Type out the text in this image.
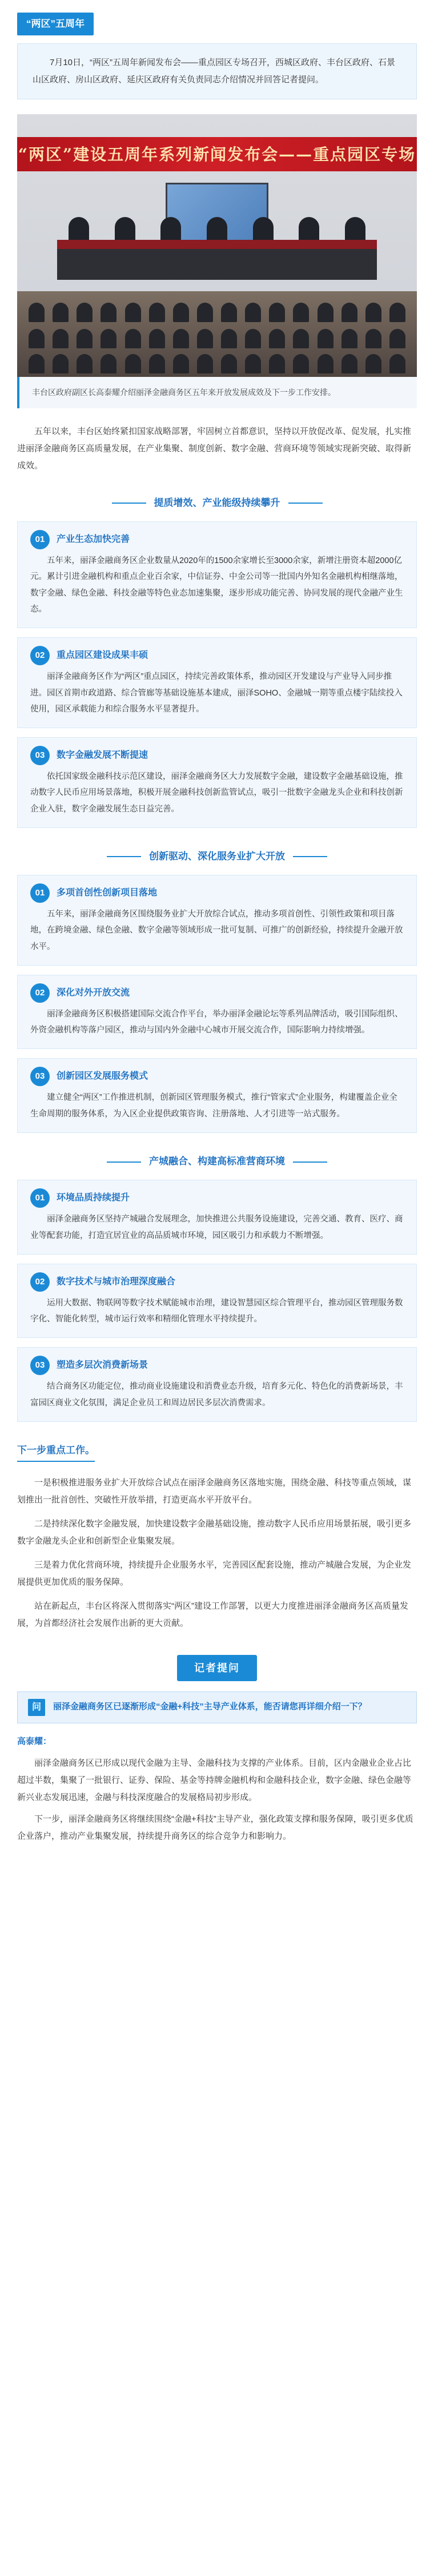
“两区”五周年
7月10日，“两区”五周年新闻发布会——重点园区专场召开，西城区政府、丰台区政府、石景山区政府、房山区政府、延庆区政府有关负责同志介绍情况并回答记者提问。
“两区”建设五周年系列新闻发布会——重点园区专场
丰台区政府副区长高泰耀介绍丽泽金融商务区五年来开放发展成效及下一步工作安排。

五年以来，丰台区始终紧扣国家战略部署，牢固树立首都意识，坚持以开放促改革、促发展，扎实推进丽泽金融商务区高质量发展，在产业集聚、制度创新、数字金融、营商环境等领域实现新突破、取得新成效。

提质增效、产业能级持续攀升
01	产业生态加快完善

五年来，丽泽金融商务区企业数量从2020年的1500余家增长至3000余家，新增注册资本超2000亿元。累计引进金融机构和重点企业百余家，中信证券、中金公司等一批国内外知名金融机构相继落地，数字金融、绿色金融、科技金融等特色业态加速集聚，逐步形成功能完善、协同发展的现代金融产业生态。

02	重点园区建设成果丰硕

丽泽金融商务区作为“两区”重点园区，持续完善政策体系，推动园区开发建设与产业导入同步推进。园区首期市政道路、综合管廊等基础设施基本建成，丽泽SOHO、金融城一期等重点楼宇陆续投入使用，园区承载能力和综合服务水平显著提升。

03	数字金融发展不断提速

依托国家级金融科技示范区建设，丽泽金融商务区大力发展数字金融，建设数字金融基础设施，推动数字人民币应用场景落地，积极开展金融科技创新监管试点，吸引一批数字金融龙头企业和科技创新企业入驻，数字金融发展生态日益完善。

创新驱动、深化服务业扩大开放
01	多项首创性创新项目落地

五年来，丽泽金融商务区围绕服务业扩大开放综合试点，推动多项首创性、引领性政策和项目落地，在跨境金融、绿色金融、数字金融等领域形成一批可复制、可推广的创新经验，持续提升金融开放水平。

02	深化对外开放交流

丽泽金融商务区积极搭建国际交流合作平台，举办丽泽金融论坛等系列品牌活动，吸引国际组织、外资金融机构等落户园区，推动与国内外金融中心城市开展交流合作，国际影响力持续增强。

03	创新园区发展服务模式

建立健全“两区”工作推进机制，创新园区管理服务模式，推行“管家式”企业服务，构建覆盖企业全生命周期的服务体系，为入区企业提供政策咨询、注册落地、人才引进等一站式服务。

产城融合、构建高标准营商环境
01	环境品质持续提升

丽泽金融商务区坚持产城融合发展理念，加快推进公共服务设施建设，完善交通、教育、医疗、商业等配套功能，打造宜居宜业的高品质城市环境，园区吸引力和承载力不断增强。

02	数字技术与城市治理深度融合

运用大数据、物联网等数字技术赋能城市治理，建设智慧园区综合管理平台，推动园区管理服务数字化、智能化转型，城市运行效率和精细化管理水平持续提升。

03	塑造多层次消费新场景

结合商务区功能定位，推动商业设施建设和消费业态升级，培育多元化、特色化的消费新场景，丰富园区商业文化氛围，满足企业员工和周边居民多层次消费需求。

下一步重点工作。

一是积极推进服务业扩大开放综合试点在丽泽金融商务区落地实施，围绕金融、科技等重点领域，谋划推出一批首创性、突破性开放举措，打造更高水平开放平台。

二是持续深化数字金融发展，加快建设数字金融基础设施，推动数字人民币应用场景拓展，吸引更多数字金融龙头企业和创新型企业集聚发展。

三是着力优化营商环境，持续提升企业服务水平，完善园区配套设施，推动产城融合发展，为企业发展提供更加优质的服务保障。

站在新起点，丰台区将深入贯彻落实“两区”建设工作部署，以更大力度推进丽泽金融商务区高质量发展，为首都经济社会发展作出新的更大贡献。

记者提问
问	丽泽金融商务区已逐渐形成“金融+科技”主导产业体系，能否请您再详细介绍一下？
高泰耀：

丽泽金融商务区已形成以现代金融为主导、金融科技为支撑的产业体系。目前，区内金融业企业占比超过半数，集聚了一批银行、证券、保险、基金等持牌金融机构和金融科技企业，数字金融、绿色金融等新兴业态发展迅速，金融与科技深度融合的发展格局初步形成。

下一步，丽泽金融商务区将继续围绕“金融+科技”主导产业，强化政策支撑和服务保障，吸引更多优质企业落户，推动产业集聚发展，持续提升商务区的综合竞争力和影响力。
